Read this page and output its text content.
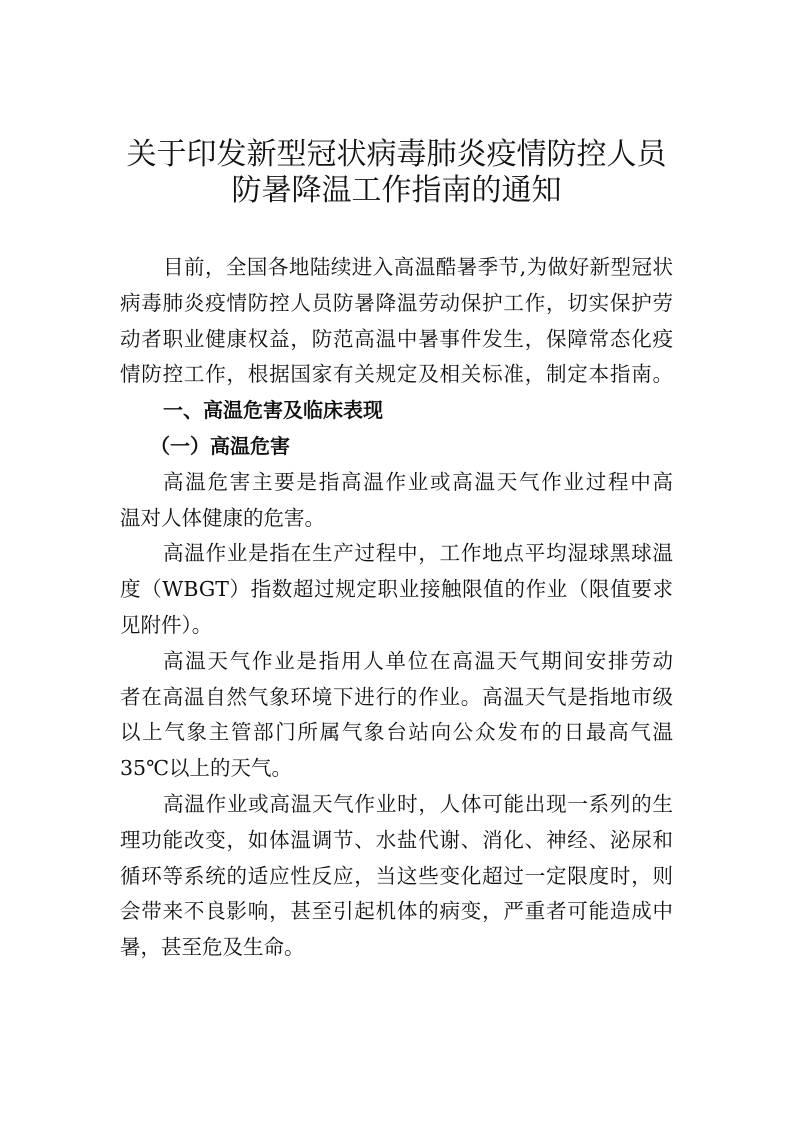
关于印发新型冠状病毒肺炎疫情防控人员
防暑降温工作指南的通知
目前，全国各地陆续进入高温酷暑季节,为做好新型冠状
病毒肺炎疫情防控人员防暑降温劳动保护工作，切实保护劳
动者职业健康权益，防范高温中暑事件发生，保障常态化疫
情防控工作，根据国家有关规定及相关标准，制定本指南。
一、高温危害及临床表现
（一）高温危害
高温危害主要是指高温作业或高温天气作业过程中高
温对人体健康的危害。
高温作业是指在生产过程中，工作地点平均湿球黑球温
度（WBGT）指数超过规定职业接触限值的作业（限值要求
见附件）。
高温天气作业是指用人单位在高温天气期间安排劳动
者在高温自然气象环境下进行的作业。高温天气是指地市级
以上气象主管部门所属气象台站向公众发布的日最高气温
35℃以上的天气。
高温作业或高温天气作业时，人体可能出现一系列的生
理功能改变，如体温调节、水盐代谢、消化、神经、泌尿和
循环等系统的适应性反应，当这些变化超过一定限度时，则
会带来不良影响，甚至引起机体的病变，严重者可能造成中
暑，甚至危及生命。
